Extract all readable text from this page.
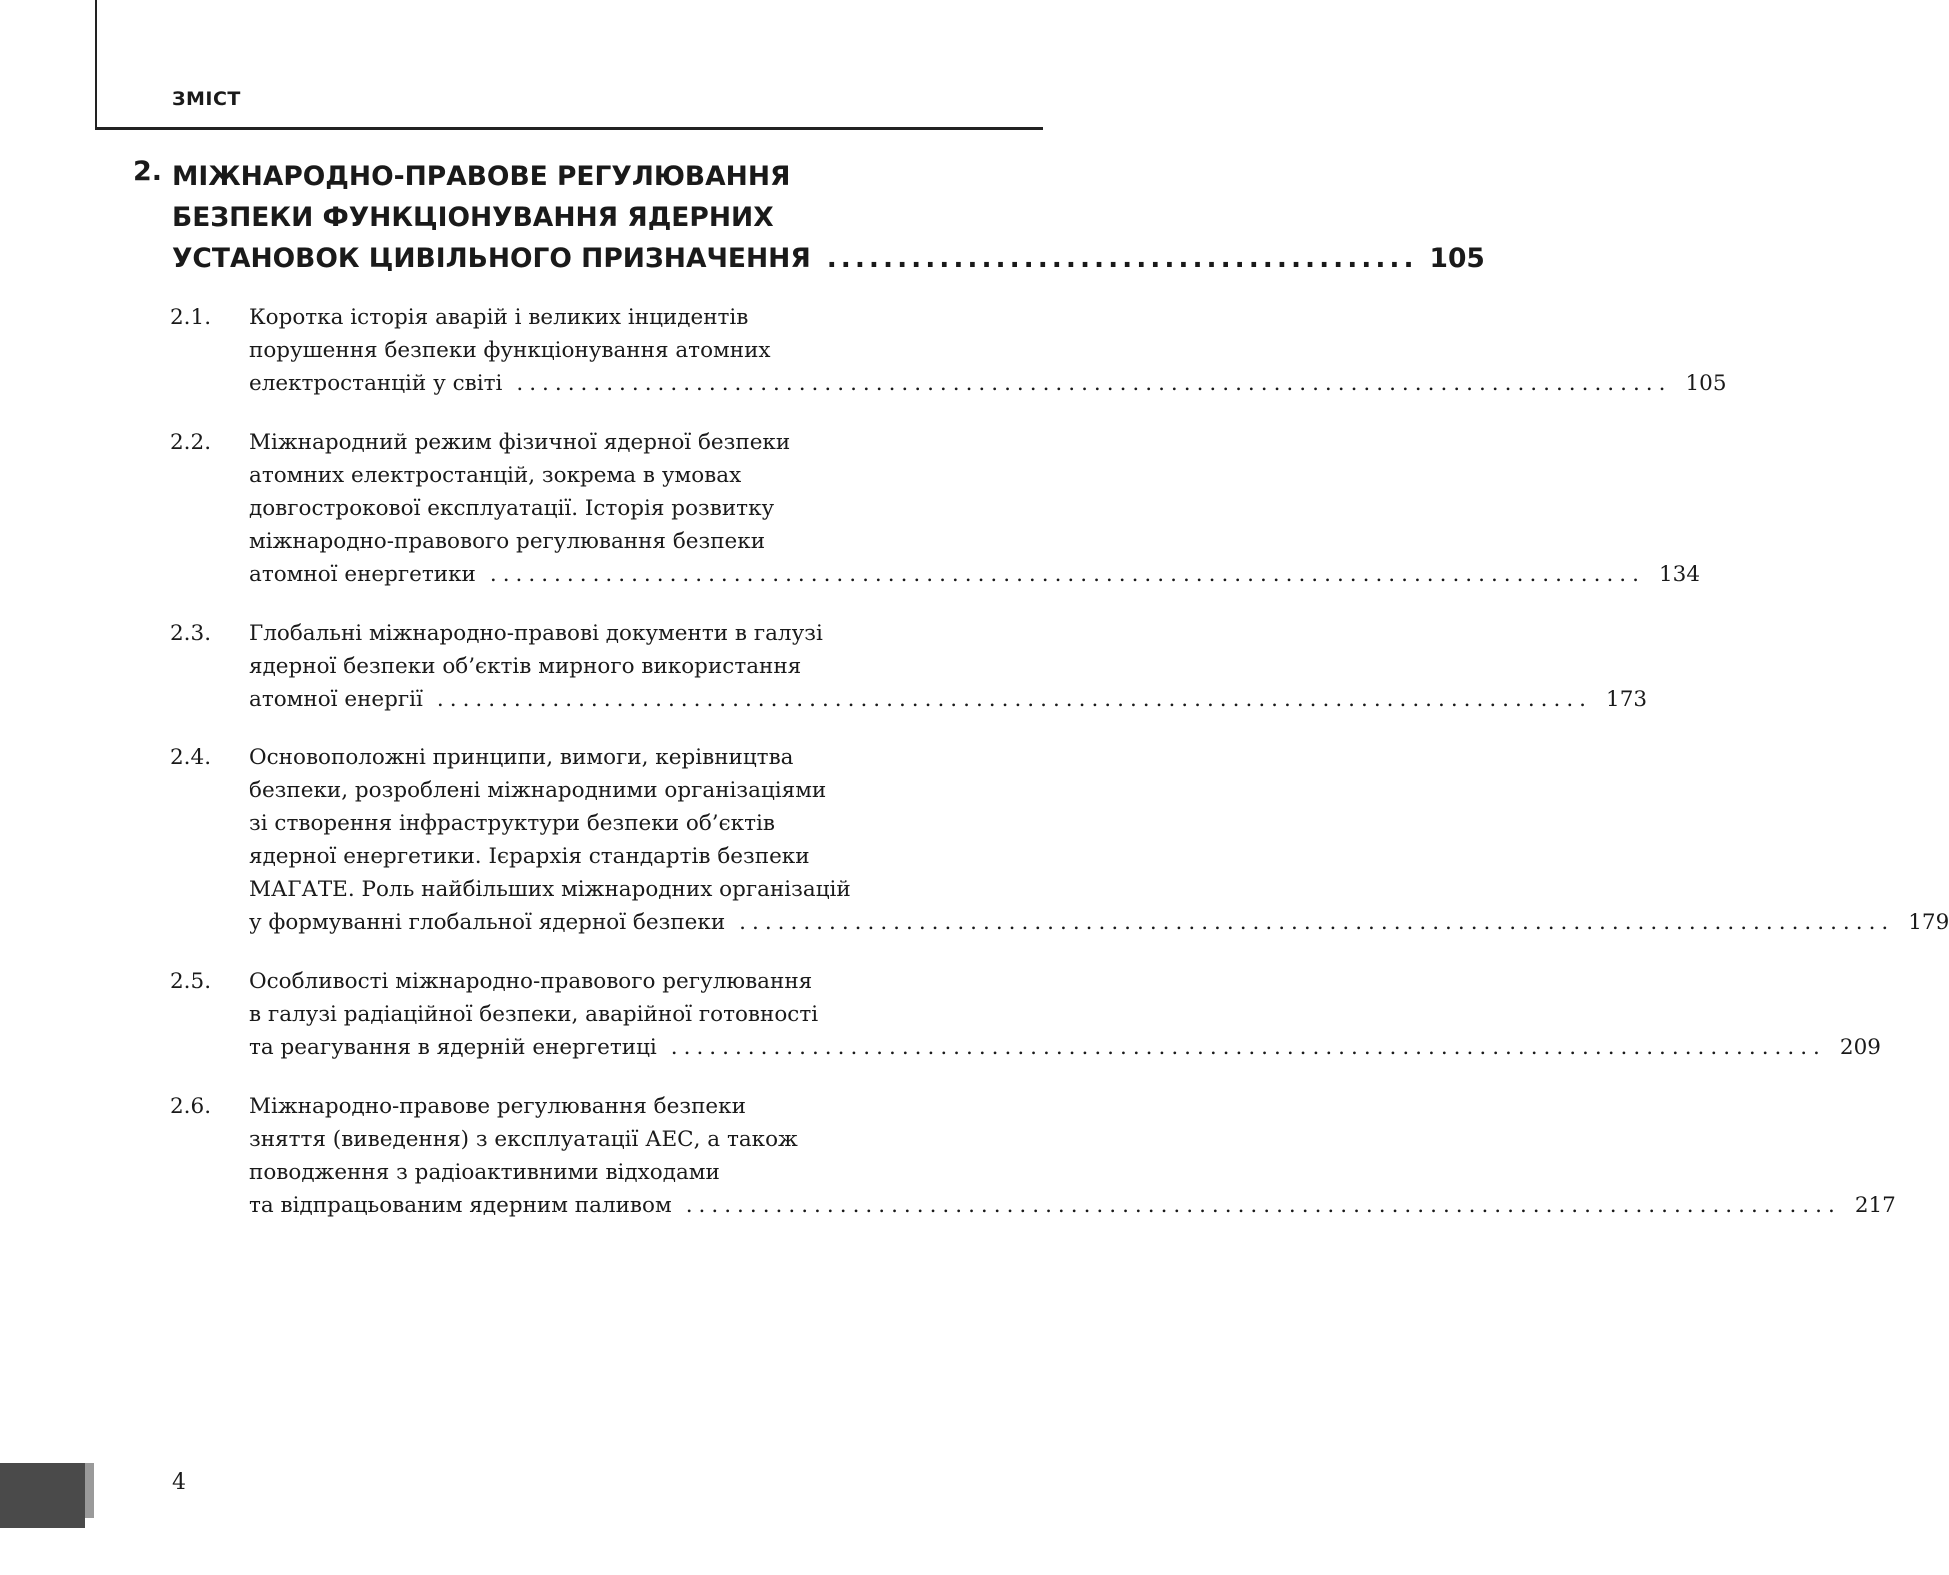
ЗМІСТ
2. МІЖНАРОДНО-ПРАВОВЕ РЕГУЛЮВАННЯ
БЕЗПЕКИ ФУНКЦІОНУВАННЯ ЯДЕРНИХ
УСТАНОВОК ЦИВІЛЬНОГО ПРИЗНАЧЕННЯ .......................................... 105
2.1. Коротка історія аварій і великих інцидентів
порушення безпеки функціонування атомних
електростанцій у світі .......................................................................................... 105
2.2. Міжнародний режим фізичної ядерної безпеки
атомних електростанцій, зокрема в умовах
довгострокової експлуатації. Історія розвитку
міжнародно-правового регулювання безпеки
атомної енергетики .......................................................................................... 134
2.3. Глобальні міжнародно-правові документи в галузі
ядерної безпеки об’єктів мирного використання
атомної енергії .......................................................................................... 173
2.4. Основоположні принципи, вимоги, керівництва
безпеки, розроблені міжнародними організаціями
зі створення інфраструктури безпеки об’єктів
ядерної енергетики. Ієрархія стандартів безпеки
МАГАТЕ. Роль найбільших міжнародних організацій
у формуванні глобальної ядерної безпеки .......................................................................................... 179
2.5. Особливості міжнародно-правового регулювання
в галузі радіаційної безпеки, аварійної готовності
та реагування в ядерній енергетиці .......................................................................................... 209
2.6. Міжнародно-правове регулювання безпеки
зняття (виведення) з експлуатації АЕС, а також
поводження з радіоактивними відходами
та відпрацьованим ядерним паливом .......................................................................................... 217
4
